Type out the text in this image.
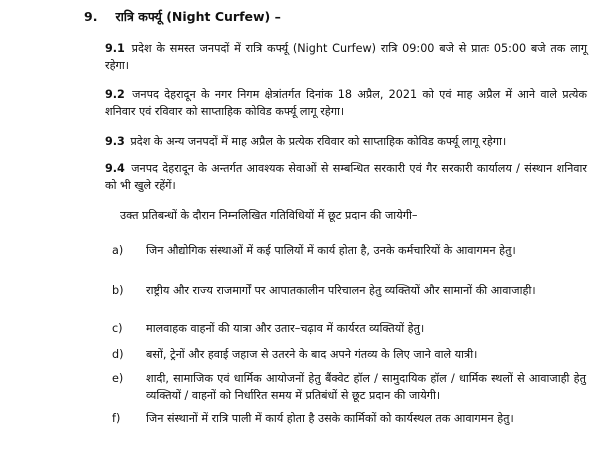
9. रात्रि कर्फ्यू (Night Curfew) –
9.1 प्रदेश के समस्त जनपदों में रात्रि कर्फ्यू (Night Curfew) रात्रि 09:00 बजे से प्रातः 05:00 बजे तक लागू रहेगा।
9.2 जनपद देहरादून के नगर निगम क्षेत्रांतर्गत दिनांक 18 अप्रैल, 2021 को एवं माह अप्रैल में आने वाले प्रत्येक शनिवार एवं रविवार को साप्ताहिक कोविड कर्फ्यू लागू रहेगा।
9.3 प्रदेश के अन्य जनपदों में माह अप्रैल के प्रत्येक रविवार को साप्ताहिक कोविड कर्फ्यू लागू रहेगा।
9.4 जनपद देहरादून के अन्तर्गत आवश्यक सेवाओं से सम्बन्धित सरकारी एवं गैर सरकारी कार्यालय / संस्थान शनिवार को भी खुले रहेंगें।
उक्त प्रतिबन्धों के दौरान निम्नलिखित गतिविधियों में छूट प्रदान की जायेगी–
a) जिन औद्योगिक संस्थाओं में कई पालियों में कार्य होता है, उनके कर्मचारियों के आवागमन हेतु।
b) राष्ट्रीय और राज्य राजमार्गों पर आपातकालीन परिचालन हेतु व्यक्तियों और सामानों की आवाजाही।
c) मालवाहक वाहनों की यात्रा और उतार–चढ़ाव में कार्यरत व्यक्तियों हेतु।
d) बसों, ट्रेनों और हवाई जहाज से उतरने के बाद अपने गंतव्य के लिए जाने वाले यात्री।
e) शादी, सामाजिक एवं धार्मिक आयोजनों हेतु बैंक्वेट हॉल / सामुदायिक हॉल / धार्मिक स्थलों से आवाजाही हेतु व्यक्तियों / वाहनों को निर्धारित समय में प्रतिबंधों से छूट प्रदान की जायेगी।
f) जिन संस्थानों में रात्रि पाली में कार्य होता है उसके कार्मिकों को कार्यस्थल तक आवागमन हेतु।
